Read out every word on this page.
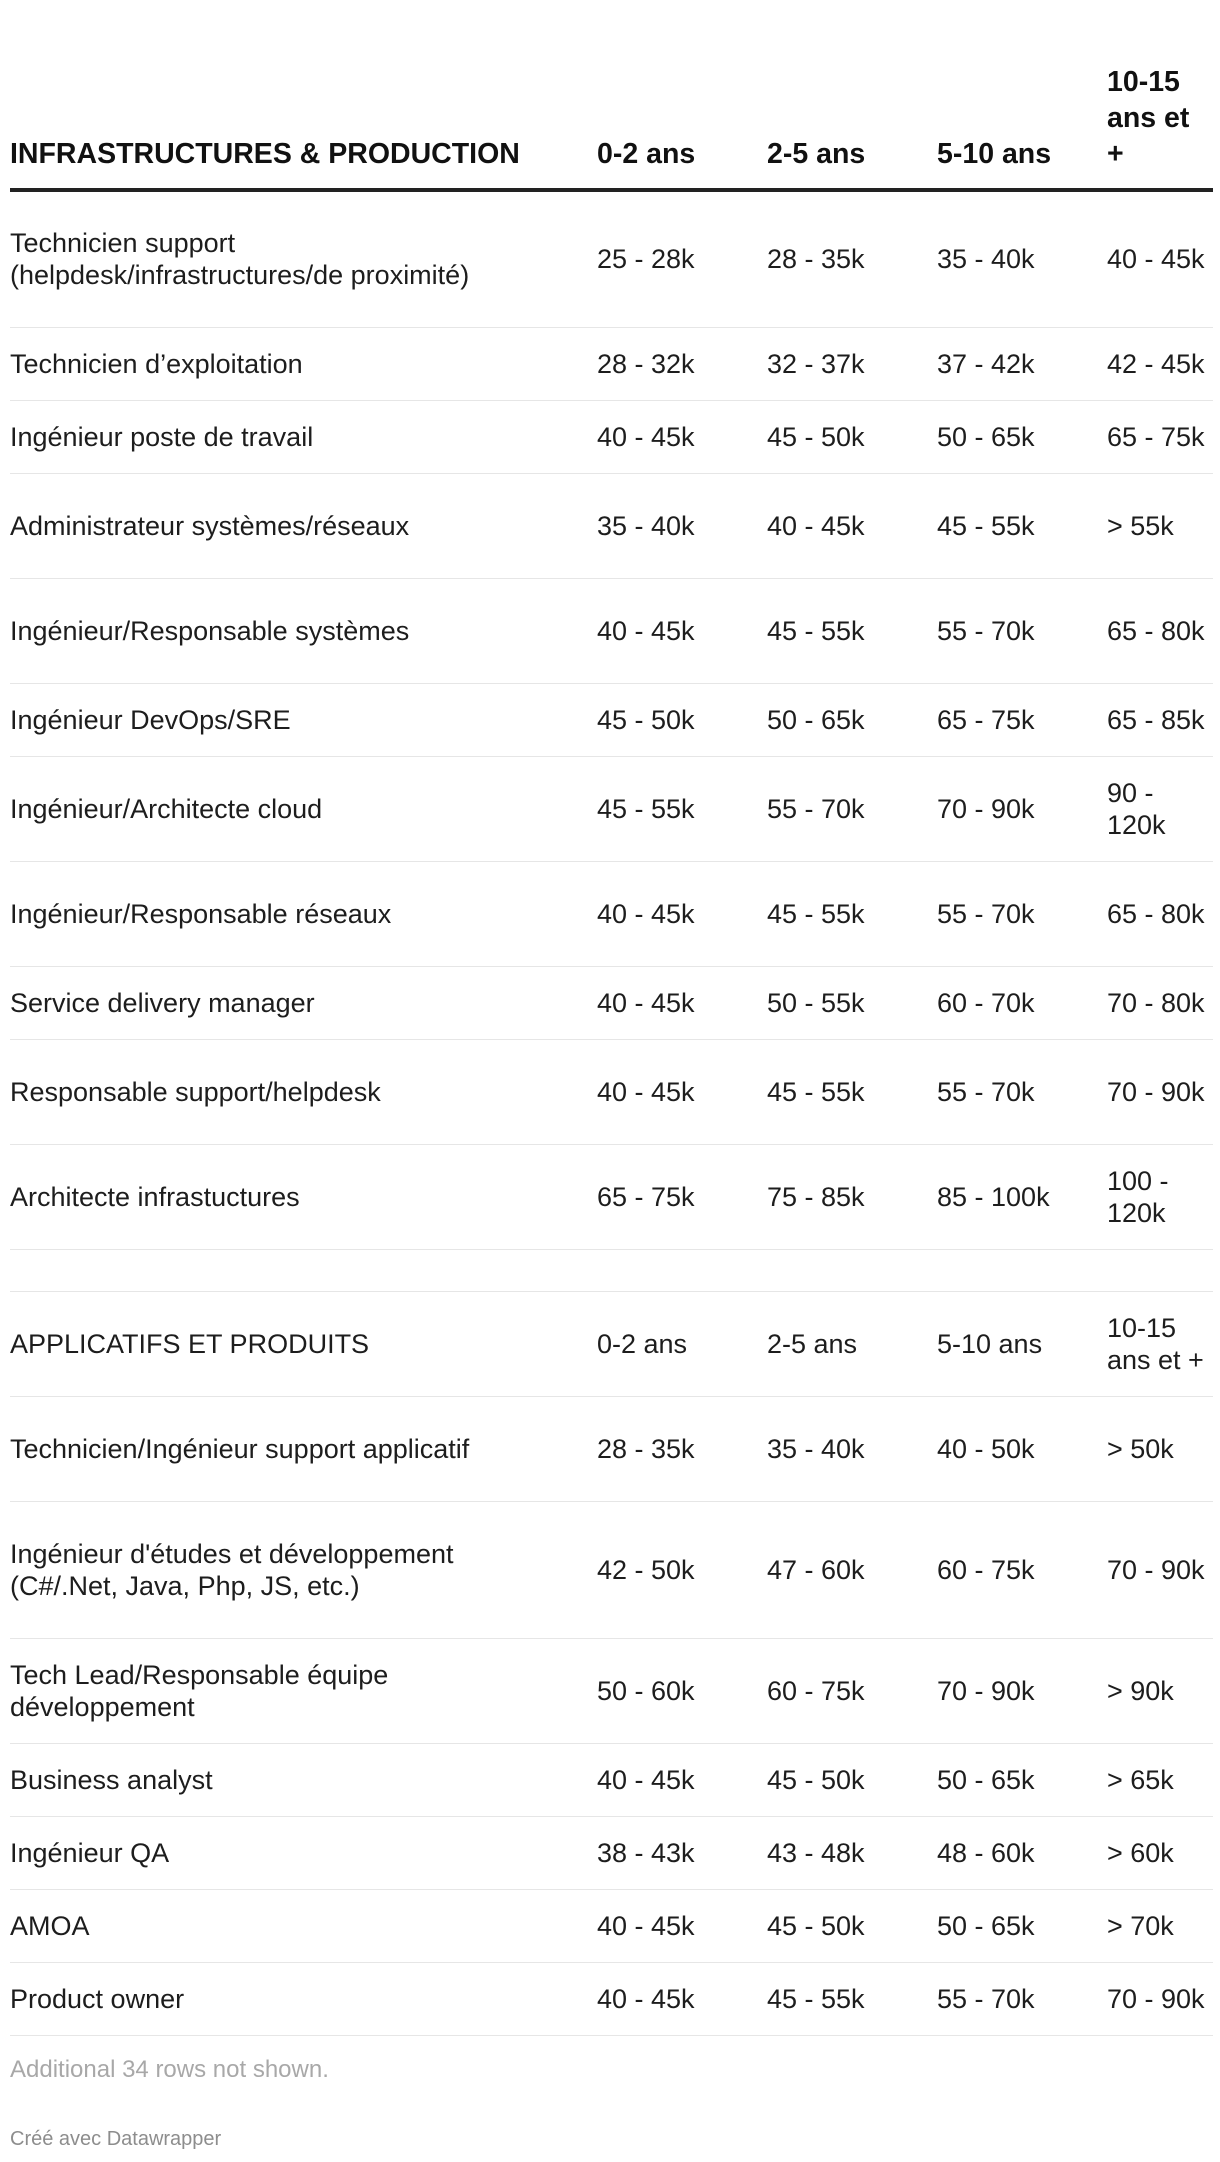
INFRASTRUCTURES & PRODUCTION	0-2 ans	2-5 ans	5-10 ans	10-15 ans et +
Technicien support (helpdesk/infrastructures/de proximité)	25 - 28k	28 - 35k	35 - 40k	40 - 45k
Technicien d’exploitation	28 - 32k	32 - 37k	37 - 42k	42 - 45k
Ingénieur poste de travail	40 - 45k	45 - 50k	50 - 65k	65 - 75k
Administrateur systèmes/réseaux	35 - 40k	40 - 45k	45 - 55k	> 55k
Ingénieur/Responsable systèmes	40 - 45k	45 - 55k	55 - 70k	65 - 80k
Ingénieur DevOps/SRE	45 - 50k	50 - 65k	65 - 75k	65 - 85k
Ingénieur/Architecte cloud	45 - 55k	55 - 70k	70 - 90k	90 - 120k
Ingénieur/Responsable réseaux	40 - 45k	45 - 55k	55 - 70k	65 - 80k
Service delivery manager	40 - 45k	50 - 55k	60 - 70k	70 - 80k
Responsable support/helpdesk	40 - 45k	45 - 55k	55 - 70k	70 - 90k
Architecte infrastuctures	65 - 75k	75 - 85k	85 - 100k	100 - 120k

APPLICATIFS ET PRODUITS	0-2 ans	2-5 ans	5-10 ans	10-15 ans et +
Technicien/Ingénieur support applicatif	28 - 35k	35 - 40k	40 - 50k	> 50k
Ingénieur d'études et développement (C#/.Net, Java, Php, JS, etc.)	42 - 50k	47 - 60k	60 - 75k	70 - 90k
Tech Lead/Responsable équipe développement	50 - 60k	60 - 75k	70 - 90k	> 90k
Business analyst	40 - 45k	45 - 50k	50 - 65k	> 65k
Ingénieur QA	38 - 43k	43 - 48k	48 - 60k	> 60k
AMOA	40 - 45k	45 - 50k	50 - 65k	> 70k
Product owner	40 - 45k	45 - 55k	55 - 70k	70 - 90k
Additional 34 rows not shown.
Créé avec Datawrapper
